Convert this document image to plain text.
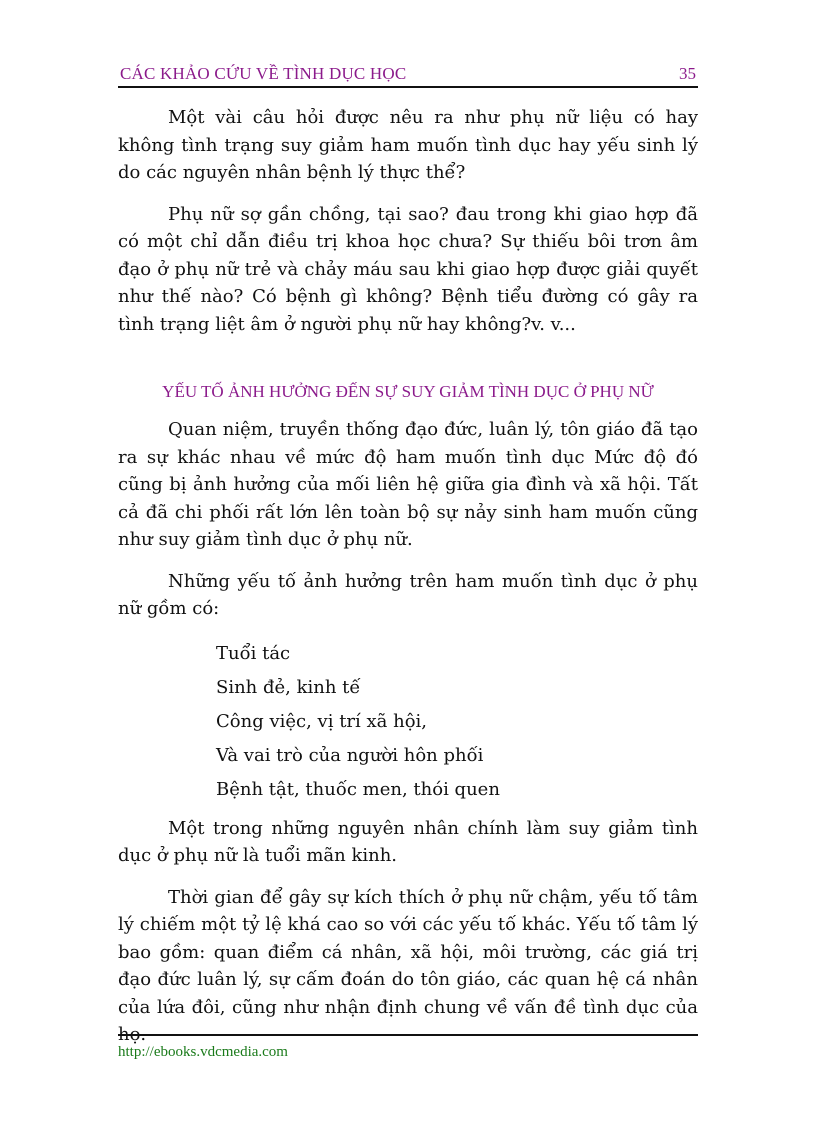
CÁC KHẢO CỨU VỀ TÌNH DỤC HỌC	35

Một vài câu hỏi được nêu ra như phụ nữ liệu có hay không tình trạng suy giảm ham muốn tình dục hay yếu sinh lý do các nguyên nhân bệnh lý thực thể?

Phụ nữ sợ gần chồng, tại sao? đau trong khi giao hợp đã có một chỉ dẫn điều trị khoa học chưa? Sự thiếu bôi trơn âm đạo ở phụ nữ trẻ và chảy máu sau khi giao hợp được giải quyết như thế nào? Có bệnh gì không? Bệnh tiểu đường có gây ra tình trạng liệt âm ở người phụ nữ hay không?v. v...

YẾU TỐ ẢNH HƯỞNG ĐẾN SỰ SUY GIẢM TÌNH DỤC Ở PHỤ NỮ

Quan niệm, truyền thống đạo đức, luân lý, tôn giáo đã tạo ra sự khác nhau về mức độ ham muốn tình dục Mức độ đó cũng bị ảnh hưởng của mối liên hệ giữa gia đình và xã hội. Tất cả đã chi phối rất lớn lên toàn bộ sự nảy sinh ham muốn cũng như suy giảm tình dục ở phụ nữ.

Những yếu tố ảnh hưởng trên ham muốn tình dục ở phụ nữ gồm có:

Tuổi tác
Sinh đẻ, kinh tế
Công việc, vị trí xã hội,
Và vai trò của người hôn phối
Bệnh tật, thuốc men, thói quen

Một trong những nguyên nhân chính làm suy giảm tình dục ở phụ nữ là tuổi mãn kinh.

Thời gian để gây sự kích thích ở phụ nữ chậm, yếu tố tâm lý chiếm một tỷ lệ khá cao so với các yếu tố khác. Yếu tố tâm lý bao gồm: quan điểm cá nhân, xã hội, môi trường, các giá trị đạo đức luân lý, sự cấm đoán do tôn giáo, các quan hệ cá nhân của lứa đôi, cũng như nhận định chung về vấn đề tình dục của họ.

http://ebooks.vdcmedia.com
